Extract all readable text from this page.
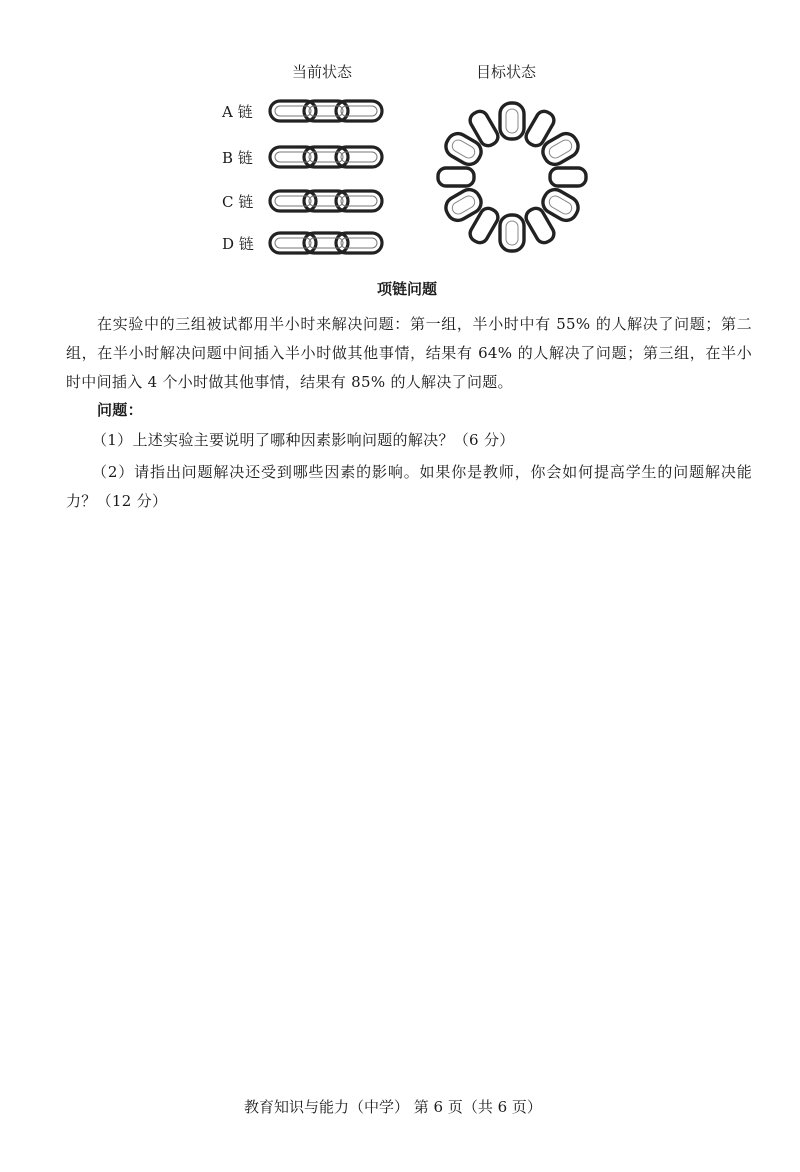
当前状态	目标状态
A 链
B 链
C 链
D 链
项链问题
在实验中的三组被试都用半小时来解决问题：第一组，半小时中有 55% 的人解决了问题；第二组，在半小时解决问题中间插入半小时做其他事情，结果有 64% 的人解决了问题；第三组，在半小时中间插入 4 个小时做其他事情，结果有 85% 的人解决了问题。
问题：
（1）上述实验主要说明了哪种因素影响问题的解决？（6 分）
（2）请指出问题解决还受到哪些因素的影响。如果你是教师，你会如何提高学生的问题解决能力？（12 分）
教育知识与能力（中学） 第 6 页（共 6 页）
